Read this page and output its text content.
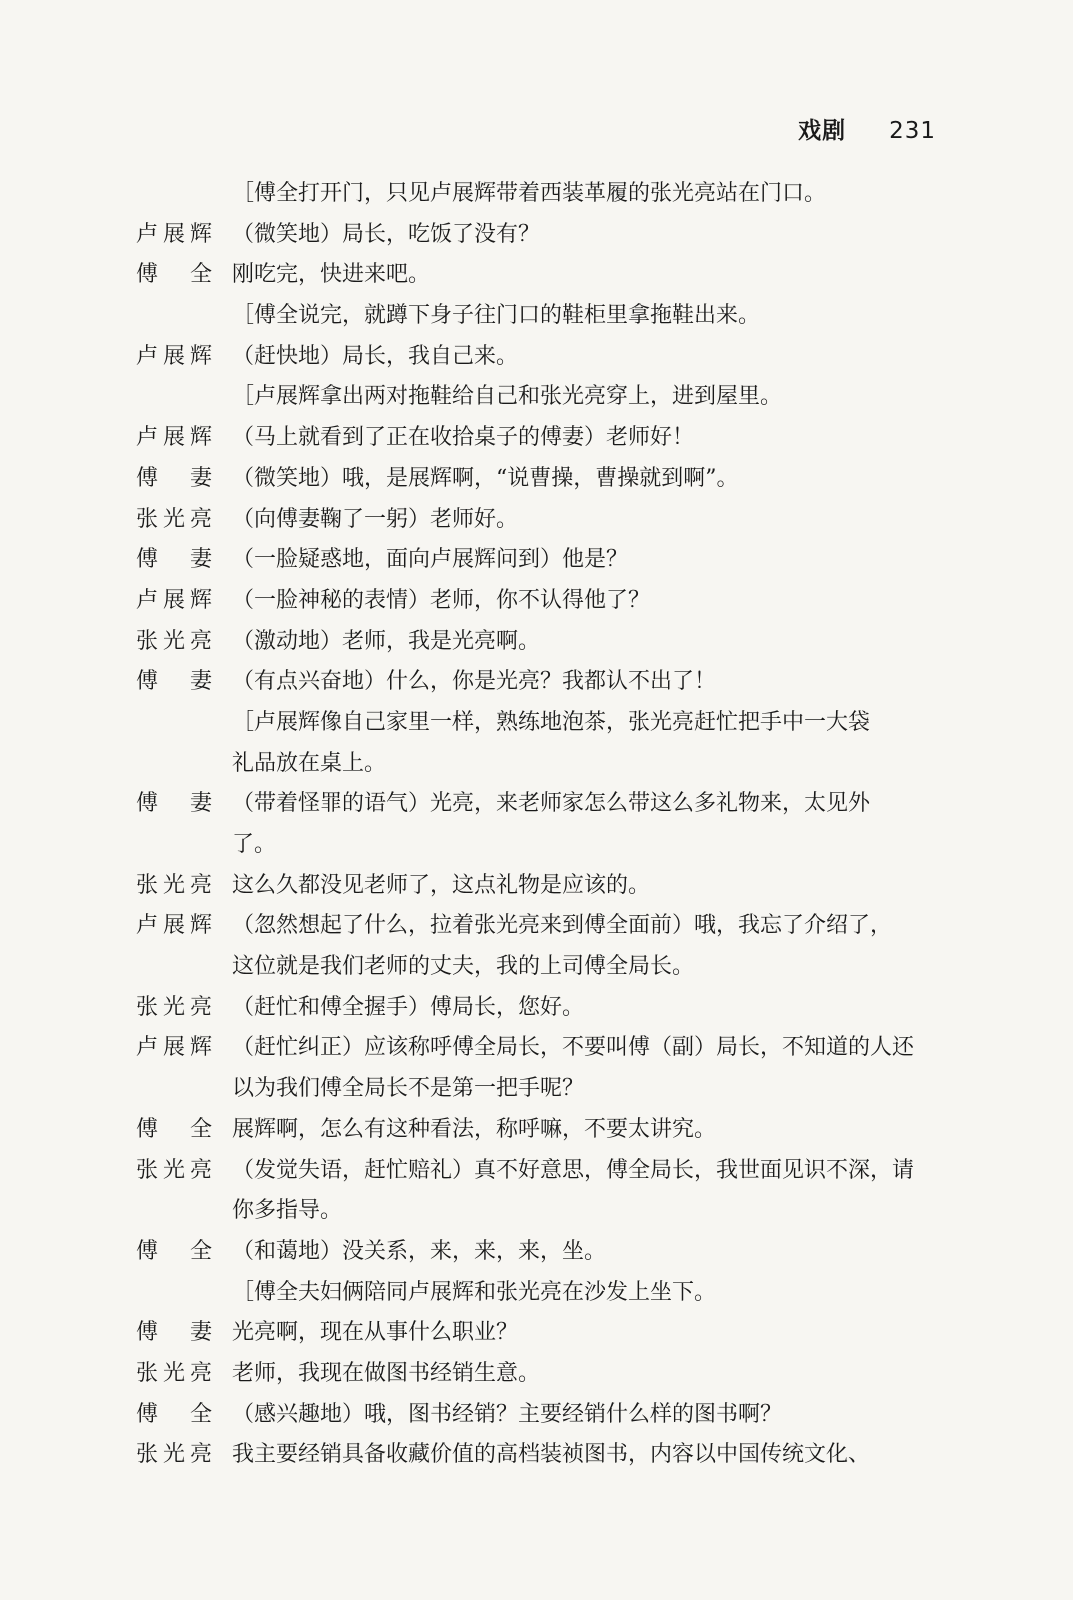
戏剧 231
［傅全打开门，只见卢展辉带着西装革履的张光亮站在门口。
卢展辉 （微笑地）局长，吃饭了没有？
傅全 刚吃完，快进来吧。
［傅全说完，就蹲下身子往门口的鞋柜里拿拖鞋出来。
卢展辉 （赶快地）局长，我自己来。
［卢展辉拿出两对拖鞋给自己和张光亮穿上，进到屋里。
卢展辉 （马上就看到了正在收拾桌子的傅妻）老师好！
傅妻 （微笑地）哦，是展辉啊，“说曹操，曹操就到啊”。
张光亮 （向傅妻鞠了一躬）老师好。
傅妻 （一脸疑惑地，面向卢展辉问到）他是？
卢展辉 （一脸神秘的表情）老师，你不认得他了？
张光亮 （激动地）老师，我是光亮啊。
傅妻 （有点兴奋地）什么，你是光亮？我都认不出了！
［卢展辉像自己家里一样，熟练地泡茶，张光亮赶忙把手中一大袋
礼品放在桌上。
傅妻 （带着怪罪的语气）光亮，来老师家怎么带这么多礼物来，太见外
了。
张光亮 这么久都没见老师了，这点礼物是应该的。
卢展辉 （忽然想起了什么，拉着张光亮来到傅全面前）哦，我忘了介绍了，
这位就是我们老师的丈夫，我的上司傅全局长。
张光亮 （赶忙和傅全握手）傅局长，您好。
卢展辉 （赶忙纠正）应该称呼傅全局长，不要叫傅（副）局长，不知道的人还
以为我们傅全局长不是第一把手呢？
傅全 展辉啊，怎么有这种看法，称呼嘛，不要太讲究。
张光亮 （发觉失语，赶忙赔礼）真不好意思，傅全局长，我世面见识不深，请
你多指导。
傅全 （和蔼地）没关系，来，来，来，坐。
［傅全夫妇俩陪同卢展辉和张光亮在沙发上坐下。
傅妻 光亮啊，现在从事什么职业？
张光亮 老师，我现在做图书经销生意。
傅全 （感兴趣地）哦，图书经销？主要经销什么样的图书啊？
张光亮 我主要经销具备收藏价值的高档装祯图书，内容以中国传统文化、
